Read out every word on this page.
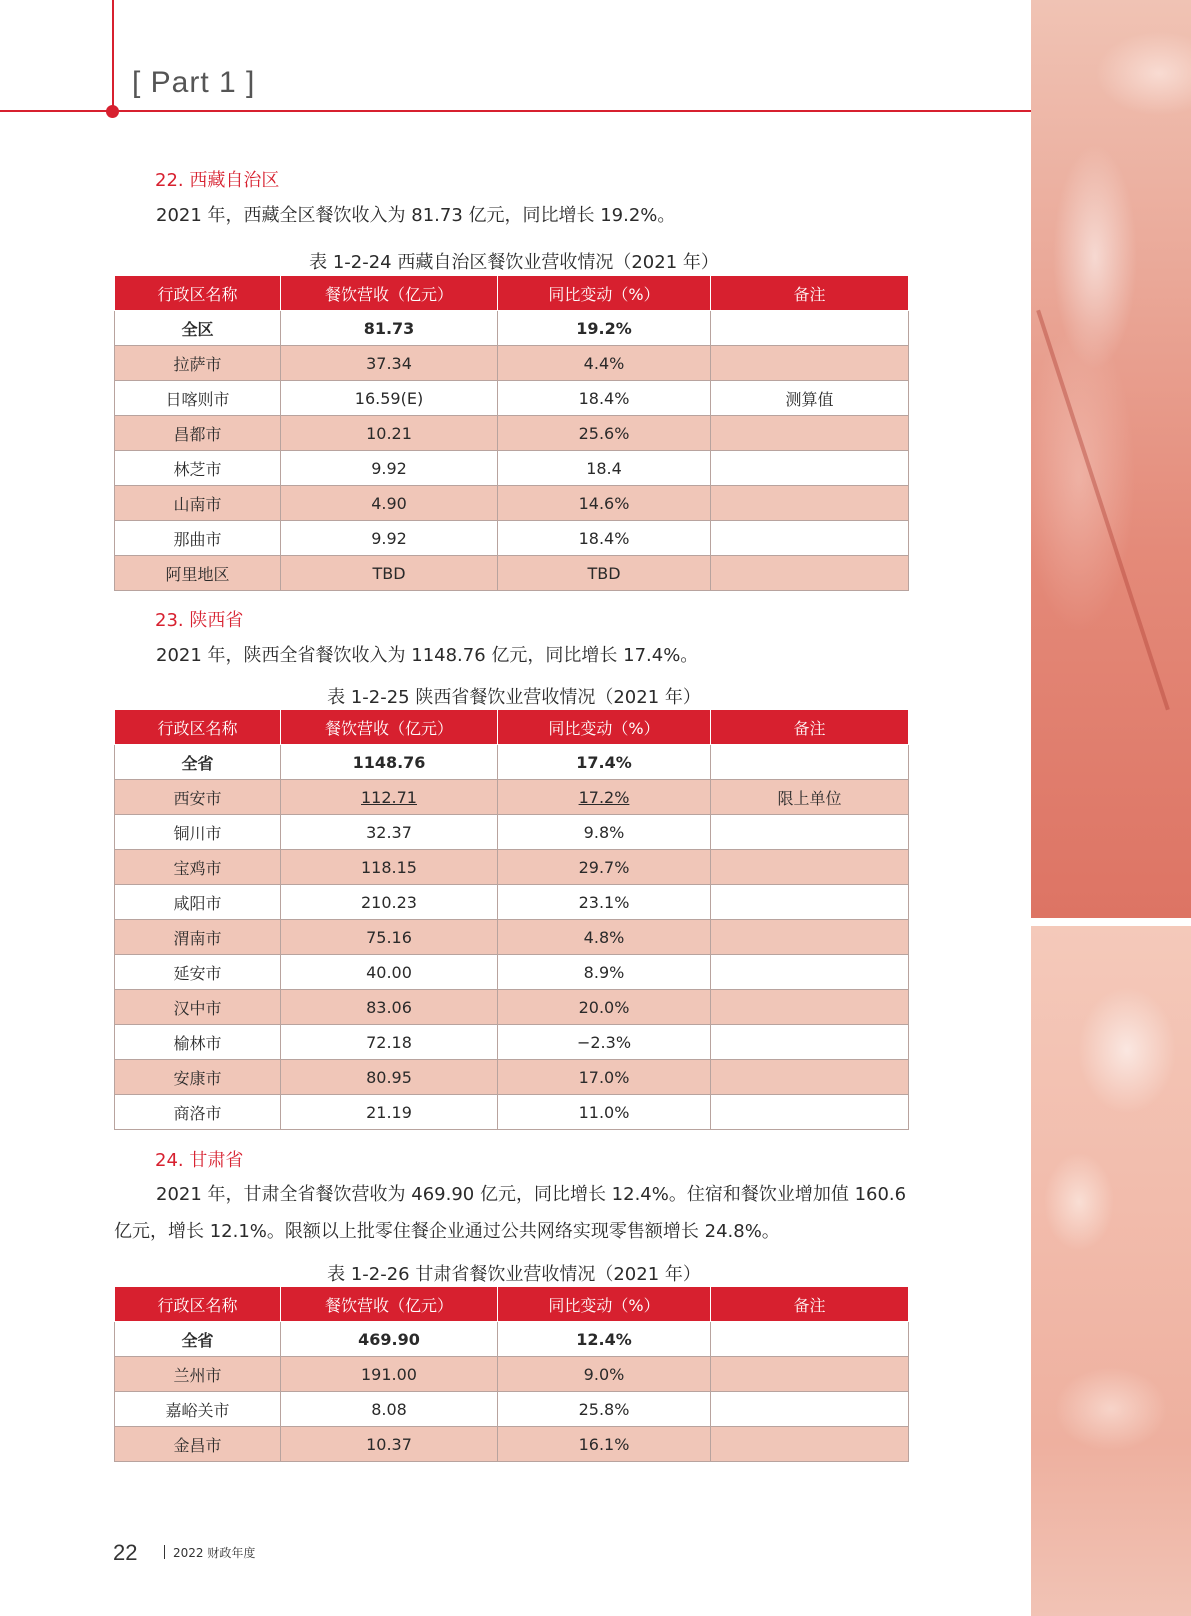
[ Part 1 ]
22. 西藏自治区
2021 年，西藏全区餐饮收入为 81.73 亿元，同比增长 19.2%。
表 1-2-24 西藏自治区餐饮业营收情况（2021 年）
行政区名称	餐饮营收（亿元）	同比变动（%）	备注
全区	81.73	19.2%	
拉萨市	37.34	4.4%	
日喀则市	16.59(E)	18.4%	测算值
昌都市	10.21	25.6%	
林芝市	9.92	18.4	
山南市	4.90	14.6%	
那曲市	9.92	18.4%	
阿里地区	TBD	TBD	
23. 陕西省
2021 年，陕西全省餐饮收入为 1148.76 亿元，同比增长 17.4%。
表 1-2-25 陕西省餐饮业营收情况（2021 年）
行政区名称	餐饮营收（亿元）	同比变动（%）	备注
全省	1148.76	17.4%	
西安市	112.71	17.2%	限上单位
铜川市	32.37	9.8%	
宝鸡市	118.15	29.7%	
咸阳市	210.23	23.1%	
渭南市	75.16	4.8%	
延安市	40.00	8.9%	
汉中市	83.06	20.0%	
榆林市	72.18	−2.3%	
安康市	80.95	17.0%	
商洛市	21.19	11.0%	
24. 甘肃省
2021 年，甘肃全省餐饮营收为 469.90 亿元，同比增长 12.4%。住宿和餐饮业增加值 160.6 亿元，增长 12.1%。限额以上批零住餐企业通过公共网络实现零售额增长 24.8%。
表 1-2-26 甘肃省餐饮业营收情况（2021 年）
行政区名称	餐饮营收（亿元）	同比变动（%）	备注
全省	469.90	12.4%	
兰州市	191.00	9.0%	
嘉峪关市	8.08	25.8%	
金昌市	10.37	16.1%	
22	2022 财政年度
